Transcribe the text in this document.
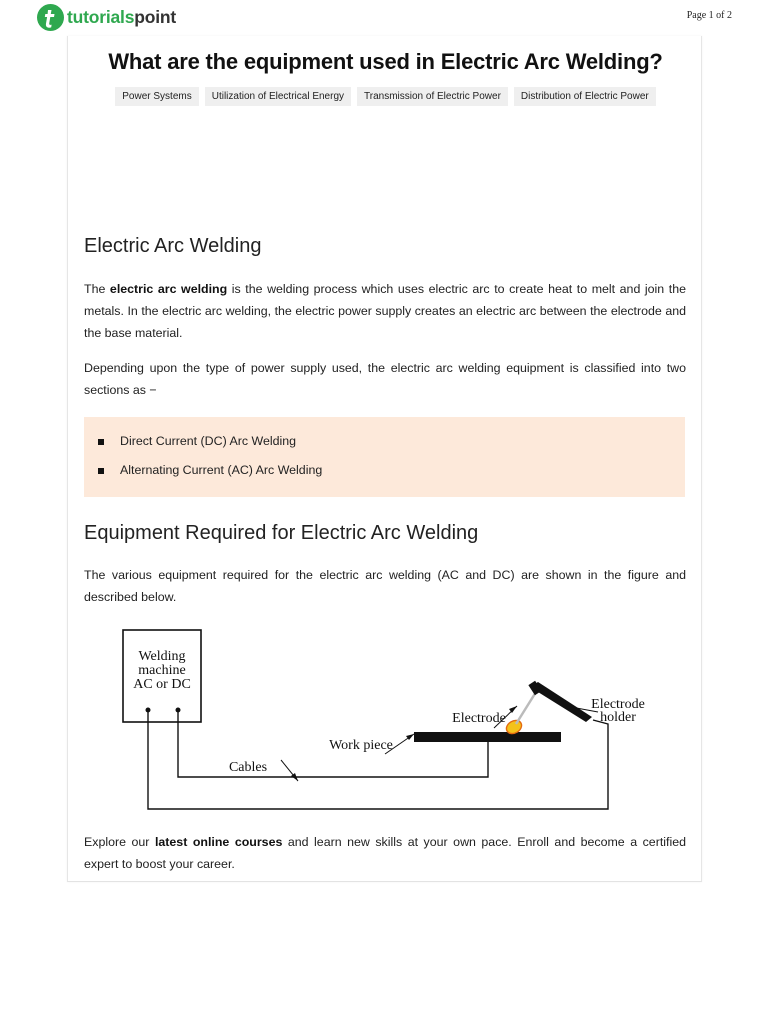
tutorialspoint	Page 1 of 2
What are the equipment used in Electric Arc Welding?
Power Systems	Utilization of Electrical Energy	Transmission of Electric Power	Distribution of Electric Power
Electric Arc Welding

The electric arc welding is the welding process which uses electric arc to create heat to melt and join the metals. In the electric arc welding, the electric power supply creates an electric arc between the electrode and the base material.

Depending upon the type of power supply used, the electric arc welding equipment is classified into two sections as −

Direct Current (DC) Arc Welding
Alternating Current (AC) Arc Welding
Equipment Required for Electric Arc Welding

The various equipment required for the electric arc welding (AC and DC) are shown in the figure and described below.

Welding
machine
AC or DC
Cables
Work piece
Electrode
Electrode
holder

Explore our latest online courses and learn new skills at your own pace. Enroll and become a certified expert to boost your career.
